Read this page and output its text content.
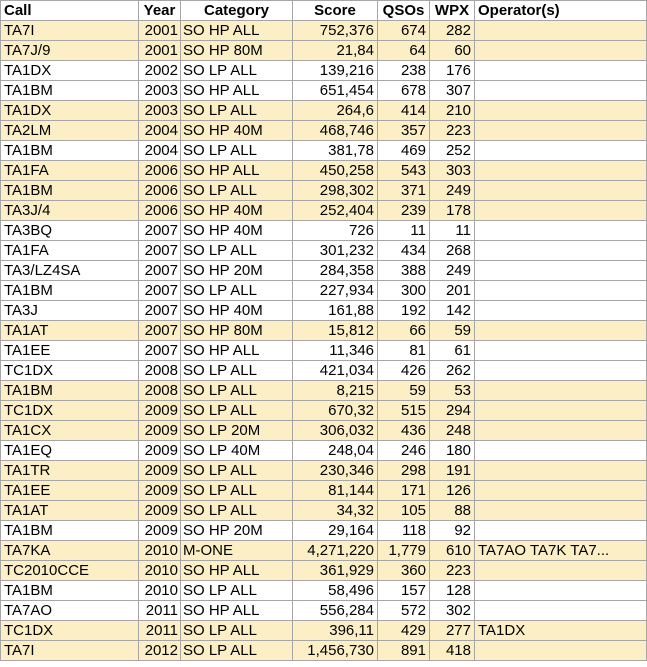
Call	Year	Category	Score	QSOs	WPX	Operator(s)
TA7I	2001	SO HP ALL	752,376	674	282	
TA7J/9	2001	SO HP 80M	21,84	64	60	
TA1DX	2002	SO LP ALL	139,216	238	176	
TA1BM	2003	SO HP ALL	651,454	678	307	
TA1DX	2003	SO LP ALL	264,6	414	210	
TA2LM	2004	SO HP 40M	468,746	357	223	
TA1BM	2004	SO LP ALL	381,78	469	252	
TA1FA	2006	SO HP ALL	450,258	543	303	
TA1BM	2006	SO LP ALL	298,302	371	249	
TA3J/4	2006	SO HP 40M	252,404	239	178	
TA3BQ	2007	SO HP 40M	726	11	11	
TA1FA	2007	SO LP ALL	301,232	434	268	
TA3/LZ4SA	2007	SO HP 20M	284,358	388	249	
TA1BM	2007	SO LP ALL	227,934	300	201	
TA3J	2007	SO HP 40M	161,88	192	142	
TA1AT	2007	SO HP 80M	15,812	66	59	
TA1EE	2007	SO HP ALL	11,346	81	61	
TC1DX	2008	SO LP ALL	421,034	426	262	
TA1BM	2008	SO LP ALL	8,215	59	53	
TC1DX	2009	SO LP ALL	670,32	515	294	
TA1CX	2009	SO LP 20M	306,032	436	248	
TA1EQ	2009	SO LP 40M	248,04	246	180	
TA1TR	2009	SO LP ALL	230,346	298	191	
TA1EE	2009	SO LP ALL	81,144	171	126	
TA1AT	2009	SO LP ALL	34,32	105	88	
TA1BM	2009	SO HP 20M	29,164	118	92	
TA7KA	2010	M-ONE	4,271,220	1,779	610	TA7AO TA7K TA7...
TC2010CCE	2010	SO HP ALL	361,929	360	223	
TA1BM	2010	SO LP ALL	58,496	157	128	
TA7AO	2011	SO HP ALL	556,284	572	302	
TC1DX	2011	SO LP ALL	396,11	429	277	TA1DX
TA7I	2012	SO LP ALL	1,456,730	891	418	
